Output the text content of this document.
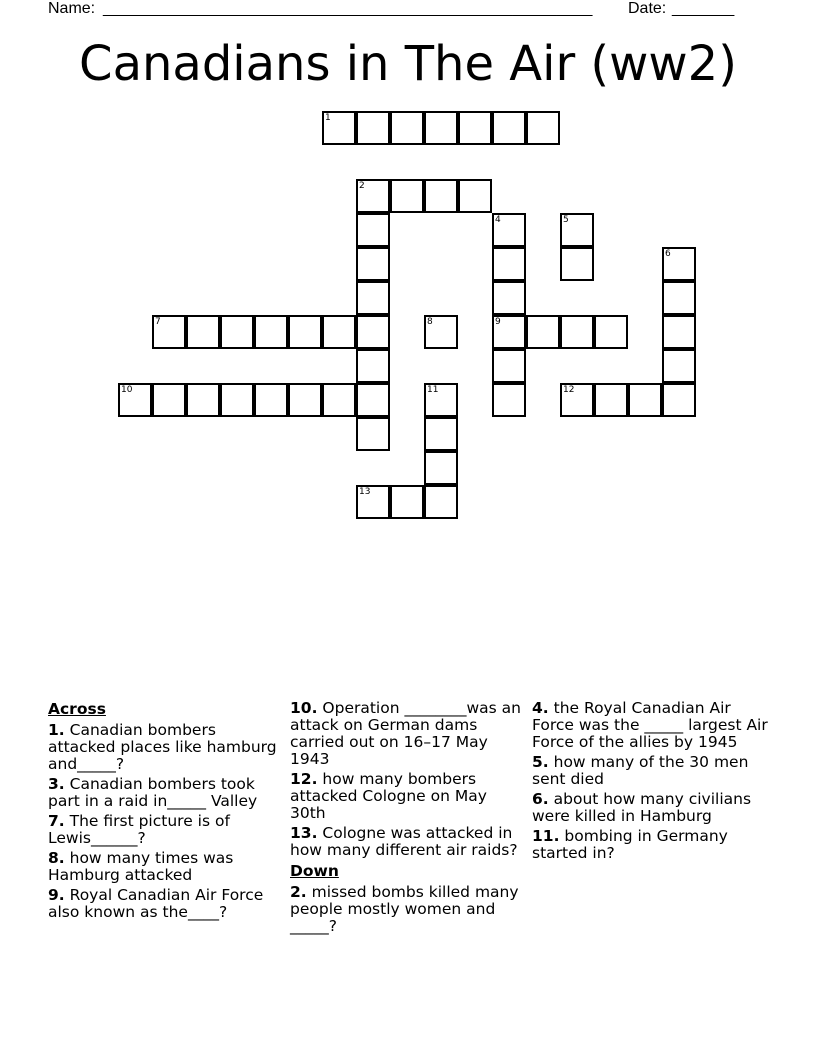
Name: _______________________________________________________ Date: _______
Canadians in The Air (ww2)
1
2
7	8	9
10	12
13
4	5
6
11
Across
1. Canadian bombers attacked places like hamburg and_____?
3. Canadian bombers took part in a raid in_____ Valley
7. The first picture is of Lewis______?
8. how many times was Hamburg attacked
9. Royal Canadian Air Force also known as the____?
10. Operation ________was an attack on German dams carried out on 16–17 May 1943
12. how many bombers attacked Cologne on May 30th
13. Cologne was attacked in how many different air raids?
Down
2. missed bombs killed many people mostly women and _____?
4. the Royal Canadian Air Force was the _____ largest Air Force of the allies by 1945
5. how many of the 30 men sent died
6. about how many civilians were killed in Hamburg
11. bombing in Germany started in?
